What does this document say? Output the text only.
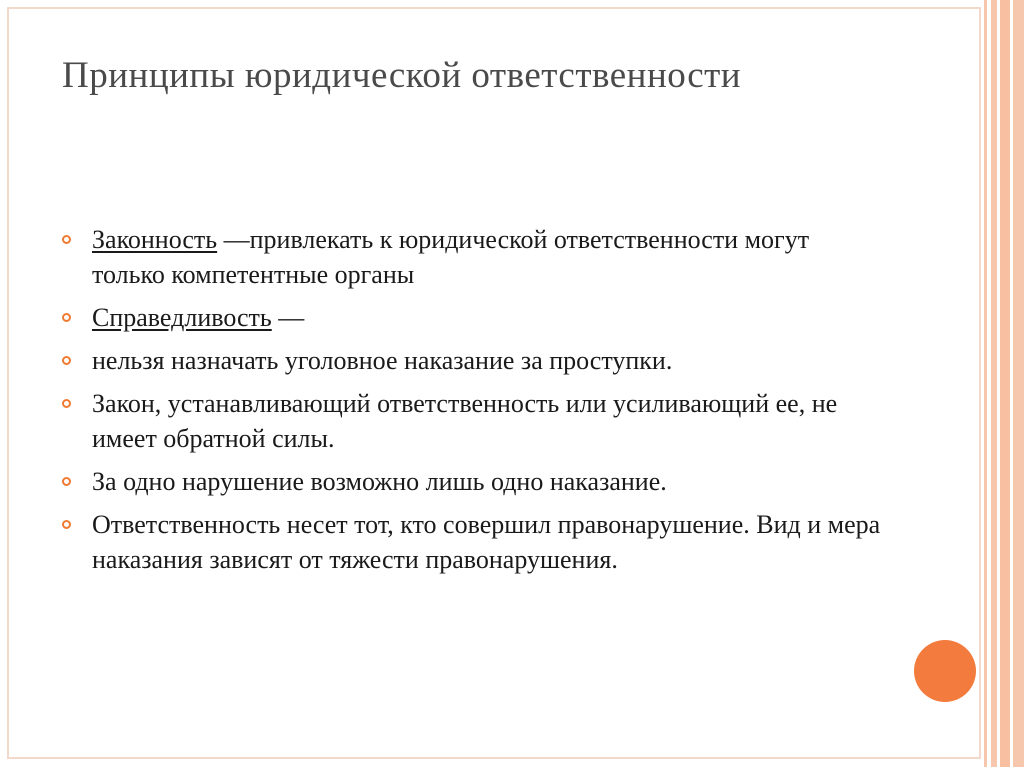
Принципы юридической ответственности
Законность —привлекать к юридической ответственности могут только компетентные органы
Справедливость —
нельзя назначать уголовное наказание за проступки.
Закон, устанавливающий ответственность или усиливающий ее, не имеет обратной силы.
За одно нарушение возможно лишь одно наказание.
Ответственность несет тот, кто совершил правонарушение. Вид и мера наказания зависят от тяжести правонарушения.
